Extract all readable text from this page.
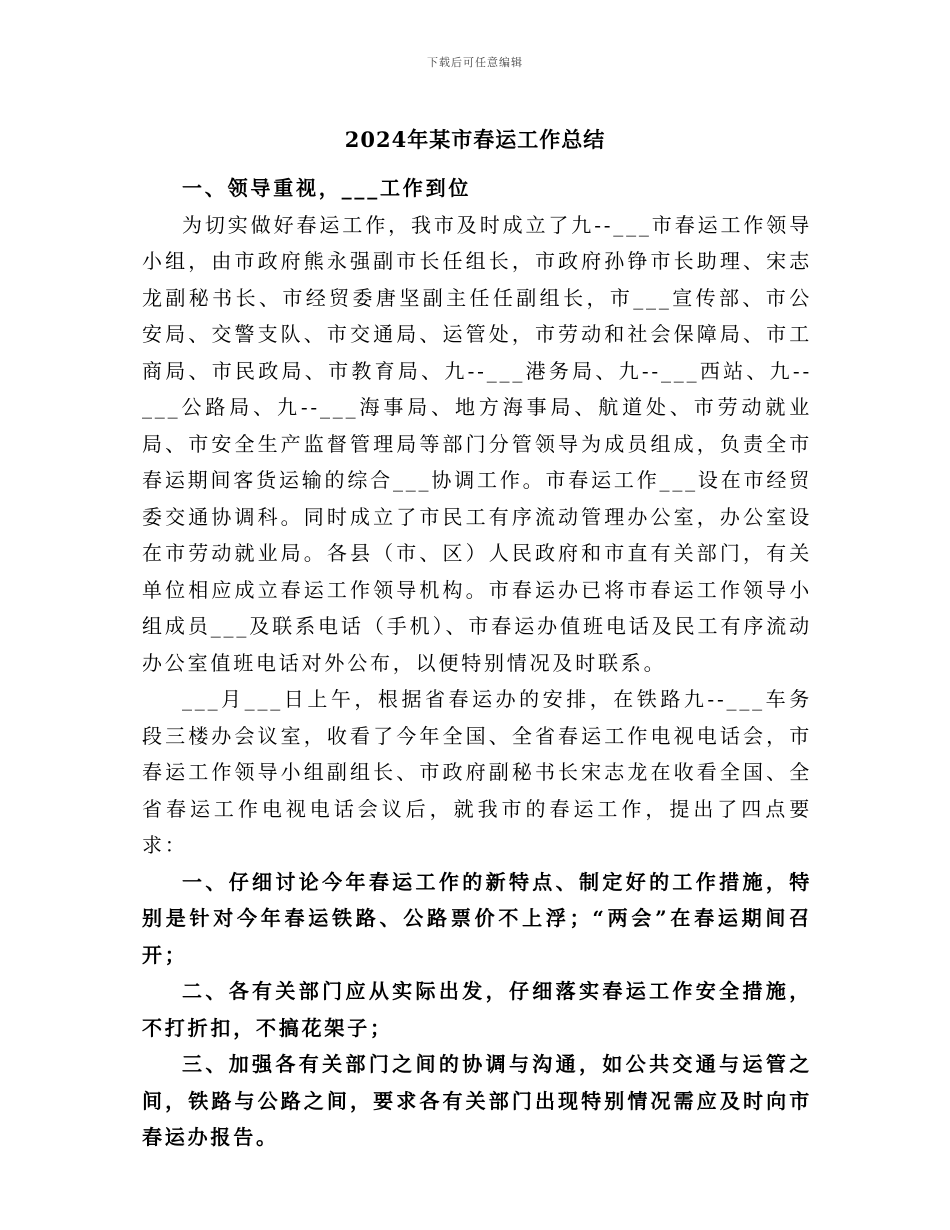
下载后可任意编辑
2024年某市春运工作总结

一、领导重视，___工作到位

为切实做好春运工作，我市及时成立了九--___市春运工作领导小组，由市政府熊永强副市长任组长，市政府孙铮市长助理、宋志龙副秘书长、市经贸委唐坚副主任任副组长，市___宣传部、市公安局、交警支队、市交通局、运管处，市劳动和社会保障局、市工商局、市民政局、市教育局、九--___港务局、九--___西站、九--___公路局、九--___海事局、地方海事局、航道处、市劳动就业局、市安全生产监督管理局等部门分管领导为成员组成，负责全市春运期间客货运输的综合___协调工作。市春运工作___设在市经贸委交通协调科。同时成立了市民工有序流动管理办公室，办公室设在市劳动就业局。各县（市、区）人民政府和市直有关部门，有关单位相应成立春运工作领导机构。市春运办已将市春运工作领导小组成员___及联系电话（手机）、市春运办值班电话及民工有序流动办公室值班电话对外公布，以便特别情况及时联系。

___月___日上午，根据省春运办的安排，在铁路九--___车务段三楼办会议室，收看了今年全国、全省春运工作电视电话会，市春运工作领导小组副组长、市政府副秘书长宋志龙在收看全国、全省春运工作电视电话会议后，就我市的春运工作，提出了四点要求：

一、仔细讨论今年春运工作的新特点、制定好的工作措施，特别是针对今年春运铁路、公路票价不上浮；“两会”在春运期间召开；

二、各有关部门应从实际出发，仔细落实春运工作安全措施，不打折扣，不搞花架子；

三、加强各有关部门之间的协调与沟通，如公共交通与运管之间，铁路与公路之间，要求各有关部门出现特别情况需应及时向市春运办报告。
